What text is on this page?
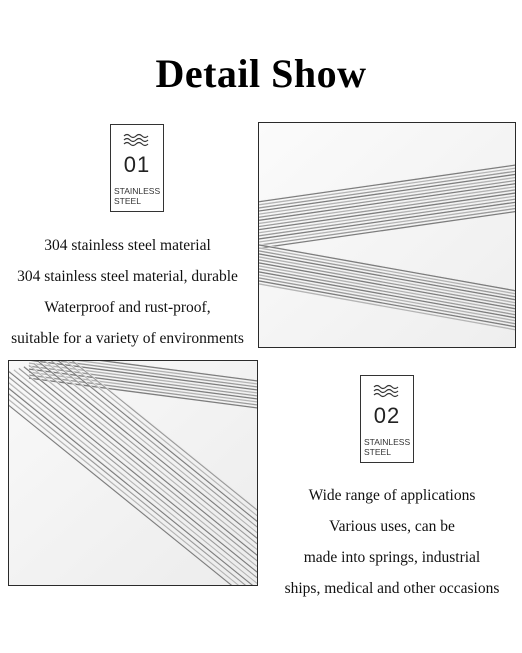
Detail Show
01
STAINLESS
STEEL
304 stainless steel material
304 stainless steel material, durable
Waterproof and rust‑proof,
suitable for a variety of environments
02
STAINLESS
STEEL
Wide range of applications
Various uses, can be
made into springs, industrial
ships, medical and other occasions
